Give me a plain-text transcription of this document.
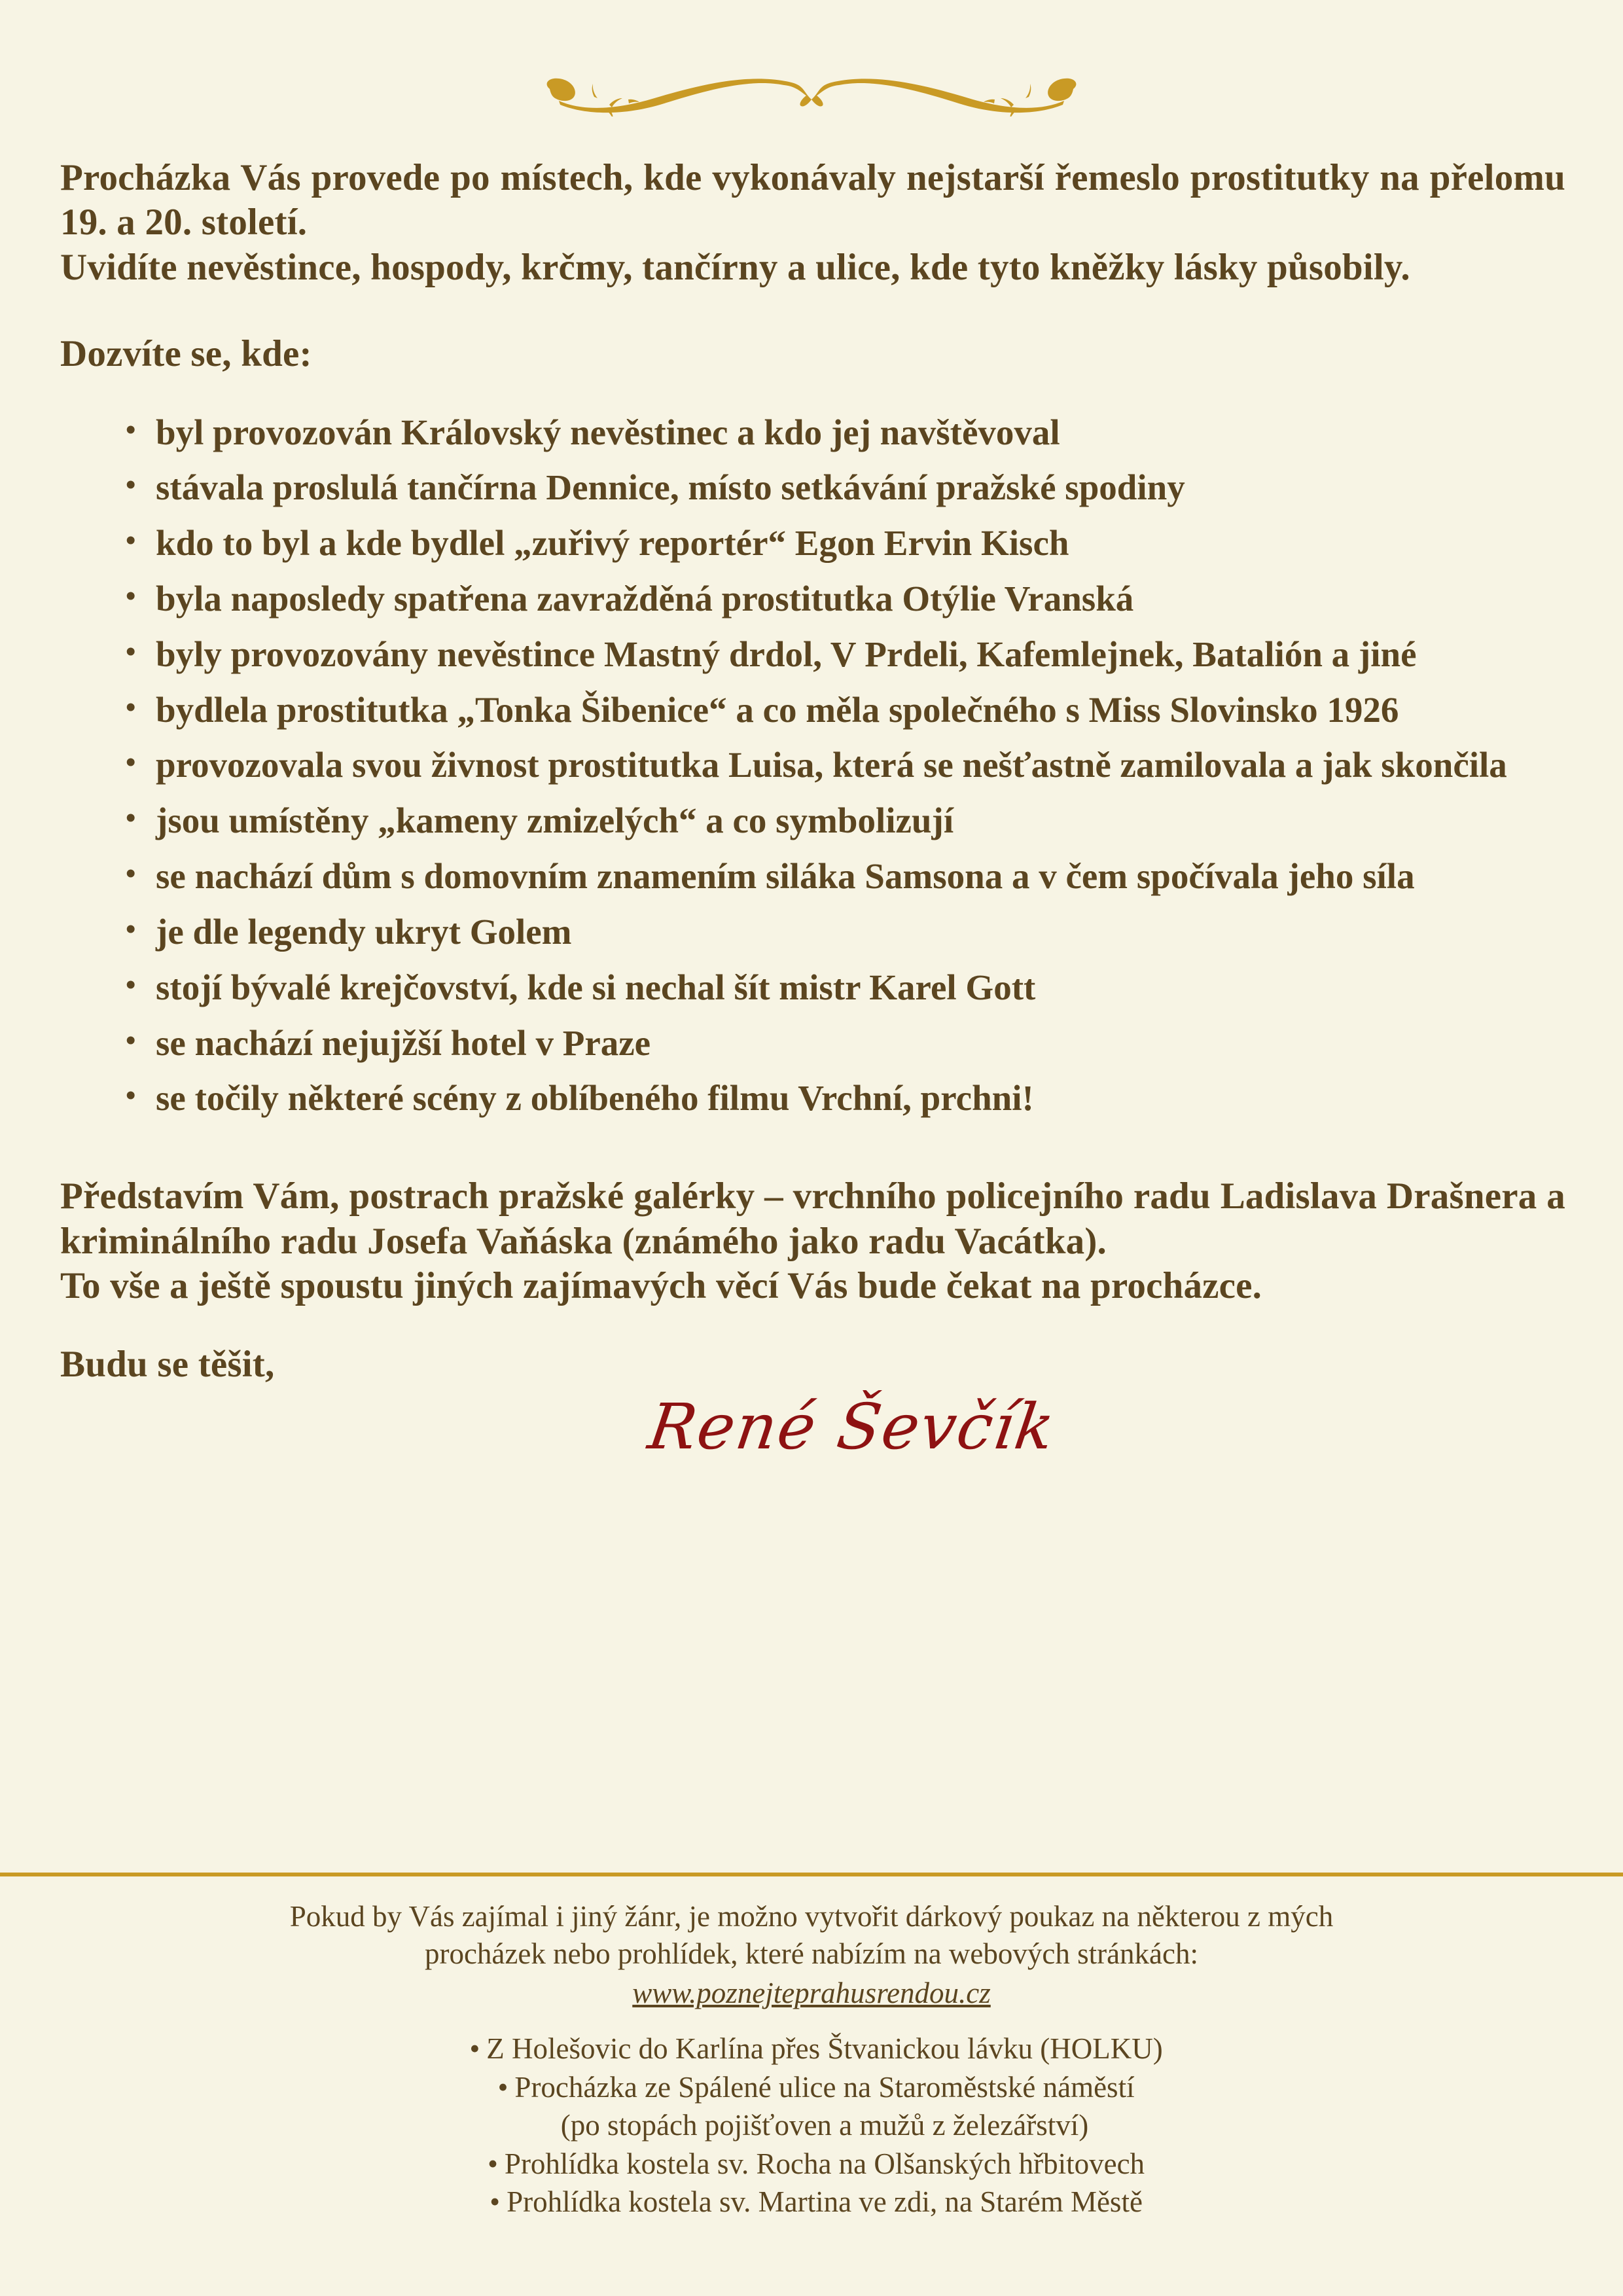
Procházka Vás provede po místech, kde vykonávaly nejstarší řemeslo prostitutky na přelomu 19. a 20. století.

Uvidíte nevěstince, hospody, krčmy, tančírny a ulice, kde tyto kněžky lásky působily.

Dozvíte se, kde:

• byl provozován Královský nevěstinec a kdo jej navštěvoval
• stávala proslulá tančírna Dennice, místo setkávání pražské spodiny
• kdo to byl a kde bydlel „zuřivý reportér“ Egon Ervin Kisch
• byla naposledy spatřena zavražděná prostitutka Otýlie Vranská
• byly provozovány nevěstince Mastný drdol, V Prdeli, Kafemlejnek, Batalión a jiné
• bydlela prostitutka „Tonka Šibenice“ a co měla společného s Miss Slovinsko 1926
• provozovala svou živnost prostitutka Luisa, která se nešťastně zamilovala a jak skončila
• jsou umístěny „kameny zmizelých“ a co symbolizují
• se nachází dům s domovním znamením siláka Samsona a v čem spočívala jeho síla
• je dle legendy ukryt Golem
• stojí bývalé krejčovství, kde si nechal šít mistr Karel Gott
• se nachází nejujžší hotel v Praze
• se točily některé scény z oblíbeného filmu Vrchní, prchni!

Představím Vám, postrach pražské galérky – vrchního policejního radu Ladislava Drašnera a kriminálního radu Josefa Vaňáska (známého jako radu Vacátka).

To vše a ještě spoustu jiných zajímavých věcí Vás bude čekat na procházce.

Budu se těšit,

René Ševčík
Pokud by Vás zajímal i jiný žánr, je možno vytvořit dárkový poukaz na některou z mých
procházek nebo prohlídek, které nabízím na webových stránkách:
www.poznejteprahusrendou.cz
• Z Holešovic do Karlína přes Štvanickou lávku (HOLKU)
• Procházka ze Spálené ulice na Staroměstské náměstí
(po stopách pojišťoven a mužů z železářství)
• Prohlídka kostela sv. Rocha na Olšanských hřbitovech
• Prohlídka kostela sv. Martina ve zdi, na Starém Městě
